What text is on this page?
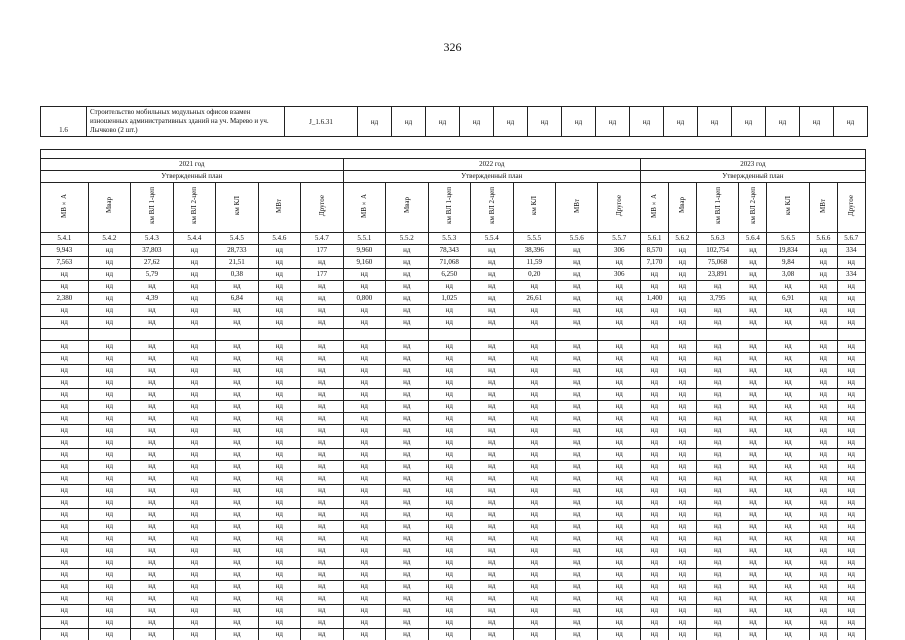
326
1.6	Строительство мобильных модульных офисов взамен изношенных административных зданий на уч. Марево и уч. Лычково (2 шт.)	J_1.6.31	нд	нд	нд	нд	нд	нд	нд	нд	нд	нд	нд	нд	нд	нд	нд

2021 год							2022 год							2023 год						
Утвержденный план							Утвержденный план							Утвержденный план						
МВ×А	Мвар	км ВЛ 1-цеп	км ВЛ 2-цеп	км КЛ	МВт	Другое	МВ×А	Мвар	км ВЛ 1-цеп	км ВЛ 2-цеп	км КЛ	МВт	Другое	МВ×А	Мвар	км ВЛ 1-цеп	км ВЛ 2-цеп	км КЛ	МВт	Другое
5.4.1	5.4.2	5.4.3	5.4.4	5.4.5	5.4.6	5.4.7	5.5.1	5.5.2	5.5.3	5.5.4	5.5.5	5.5.6	5.5.7	5.6.1	5.6.2	5.6.3	5.6.4	5.6.5	5.6.6	5.6.7
9,943	нд	37,803	нд	28,733	нд	177	9,960	нд	78,343	нд	38,396	нд	306	8,570	нд	102,754	нд	19,834	нд	334
7,563	нд	27,62	нд	21,51	нд	нд	9,160	нд	71,068	нд	11,59	нд	нд	7,170	нд	75,068	нд	9,84	нд	нд
нд	нд	5,79	нд	0,38	нд	177	нд	нд	6,250	нд	0,20	нд	306	нд	нд	23,891	нд	3,08	нд	334
нд	нд	нд	нд	нд	нд	нд	нд	нд	нд	нд	нд	нд	нд	нд	нд	нд	нд	нд	нд	нд
2,380	нд	4,39	нд	6,84	нд	нд	0,800	нд	1,025	нд	26,61	нд	нд	1,400	нд	3,795	нд	6,91	нд	нд
нд	нд	нд	нд	нд	нд	нд	нд	нд	нд	нд	нд	нд	нд	нд	нд	нд	нд	нд	нд	нд
нд	нд	нд	нд	нд	нд	нд	нд	нд	нд	нд	нд	нд	нд	нд	нд	нд	нд	нд	нд	нд

нд	нд	нд	нд	нд	нд	нд	нд	нд	нд	нд	нд	нд	нд	нд	нд	нд	нд	нд	нд	нд
нд	нд	нд	нд	нд	нд	нд	нд	нд	нд	нд	нд	нд	нд	нд	нд	нд	нд	нд	нд	нд
нд	нд	нд	нд	нд	нд	нд	нд	нд	нд	нд	нд	нд	нд	нд	нд	нд	нд	нд	нд	нд
нд	нд	нд	нд	нд	нд	нд	нд	нд	нд	нд	нд	нд	нд	нд	нд	нд	нд	нд	нд	нд
нд	нд	нд	нд	нд	нд	нд	нд	нд	нд	нд	нд	нд	нд	нд	нд	нд	нд	нд	нд	нд
нд	нд	нд	нд	нд	нд	нд	нд	нд	нд	нд	нд	нд	нд	нд	нд	нд	нд	нд	нд	нд
нд	нд	нд	нд	нд	нд	нд	нд	нд	нд	нд	нд	нд	нд	нд	нд	нд	нд	нд	нд	нд
нд	нд	нд	нд	нд	нд	нд	нд	нд	нд	нд	нд	нд	нд	нд	нд	нд	нд	нд	нд	нд
нд	нд	нд	нд	нд	нд	нд	нд	нд	нд	нд	нд	нд	нд	нд	нд	нд	нд	нд	нд	нд
нд	нд	нд	нд	нд	нд	нд	нд	нд	нд	нд	нд	нд	нд	нд	нд	нд	нд	нд	нд	нд
нд	нд	нд	нд	нд	нд	нд	нд	нд	нд	нд	нд	нд	нд	нд	нд	нд	нд	нд	нд	нд
нд	нд	нд	нд	нд	нд	нд	нд	нд	нд	нд	нд	нд	нд	нд	нд	нд	нд	нд	нд	нд
нд	нд	нд	нд	нд	нд	нд	нд	нд	нд	нд	нд	нд	нд	нд	нд	нд	нд	нд	нд	нд
нд	нд	нд	нд	нд	нд	нд	нд	нд	нд	нд	нд	нд	нд	нд	нд	нд	нд	нд	нд	нд
нд	нд	нд	нд	нд	нд	нд	нд	нд	нд	нд	нд	нд	нд	нд	нд	нд	нд	нд	нд	нд
нд	нд	нд	нд	нд	нд	нд	нд	нд	нд	нд	нд	нд	нд	нд	нд	нд	нд	нд	нд	нд
нд	нд	нд	нд	нд	нд	нд	нд	нд	нд	нд	нд	нд	нд	нд	нд	нд	нд	нд	нд	нд
нд	нд	нд	нд	нд	нд	нд	нд	нд	нд	нд	нд	нд	нд	нд	нд	нд	нд	нд	нд	нд
нд	нд	нд	нд	нд	нд	нд	нд	нд	нд	нд	нд	нд	нд	нд	нд	нд	нд	нд	нд	нд
нд	нд	нд	нд	нд	нд	нд	нд	нд	нд	нд	нд	нд	нд	нд	нд	нд	нд	нд	нд	нд
нд	нд	нд	нд	нд	нд	нд	нд	нд	нд	нд	нд	нд	нд	нд	нд	нд	нд	нд	нд	нд
нд	нд	нд	нд	нд	нд	нд	нд	нд	нд	нд	нд	нд	нд	нд	нд	нд	нд	нд	нд	нд
нд	нд	нд	нд	нд	нд	нд	нд	нд	нд	нд	нд	нд	нд	нд	нд	нд	нд	нд	нд	нд
нд	нд	нд	нд	нд	нд	нд	нд	нд	нд	нд	нд	нд	нд	нд	нд	нд	нд	нд	нд	нд
нд	нд	нд	нд	нд	нд	нд	нд	нд	нд	нд	нд	нд	нд	нд	нд	нд	нд	нд	нд	нд
